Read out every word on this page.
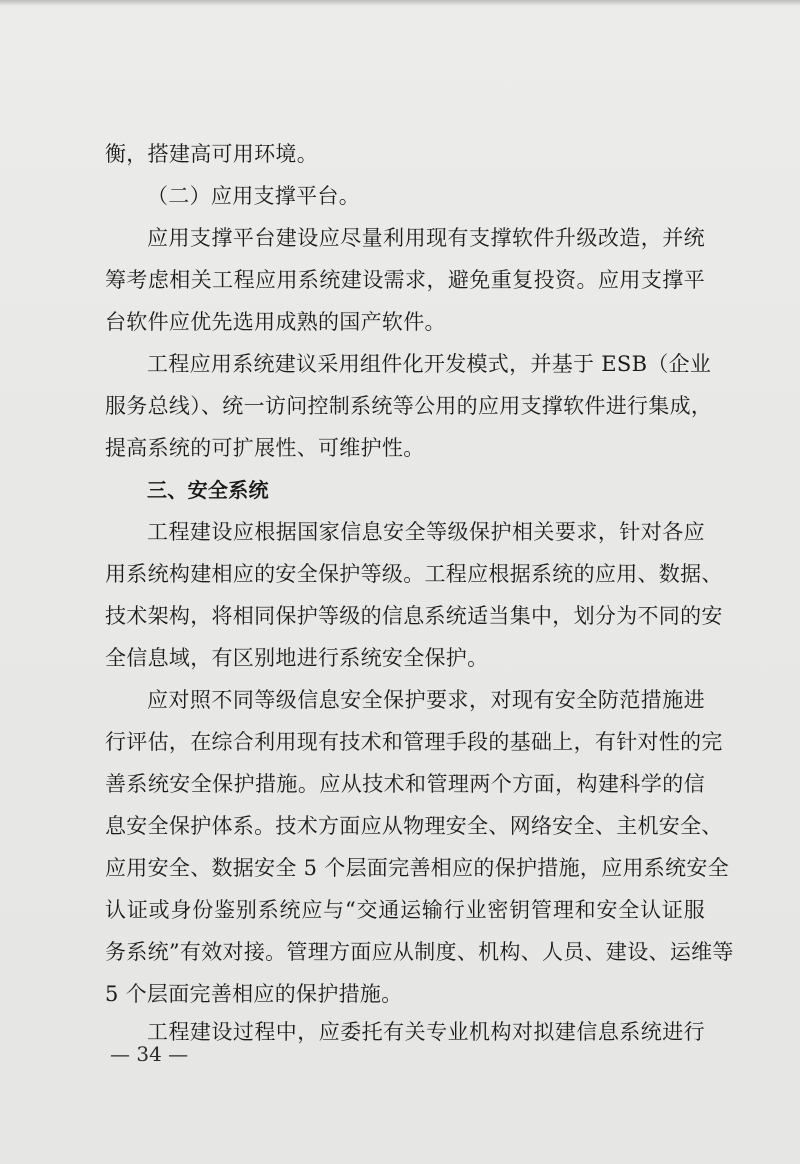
衡，搭建高可用环境。
（二）应用支撑平台。
应用支撑平台建设应尽量利用现有支撑软件升级改造，并统
筹考虑相关工程应用系统建设需求，避免重复投资。应用支撑平
台软件应优先选用成熟的国产软件。
工程应用系统建议采用组件化开发模式，并基于 ESB（企业
服务总线）、统一访问控制系统等公用的应用支撑软件进行集成，
提高系统的可扩展性、可维护性。
三、安全系统
工程建设应根据国家信息安全等级保护相关要求，针对各应
用系统构建相应的安全保护等级。工程应根据系统的应用、数据、
技术架构，将相同保护等级的信息系统适当集中，划分为不同的安
全信息域，有区别地进行系统安全保护。
应对照不同等级信息安全保护要求，对现有安全防范措施进
行评估，在综合利用现有技术和管理手段的基础上，有针对性的完
善系统安全保护措施。应从技术和管理两个方面，构建科学的信
息安全保护体系。技术方面应从物理安全、网络安全、主机安全、
应用安全、数据安全 5 个层面完善相应的保护措施，应用系统安全
认证或身份鉴别系统应与“交通运输行业密钥管理和安全认证服
务系统”有效对接。管理方面应从制度、机构、人员、建设、运维等
5 个层面完善相应的保护措施。
工程建设过程中，应委托有关专业机构对拟建信息系统进行
— 34 —
